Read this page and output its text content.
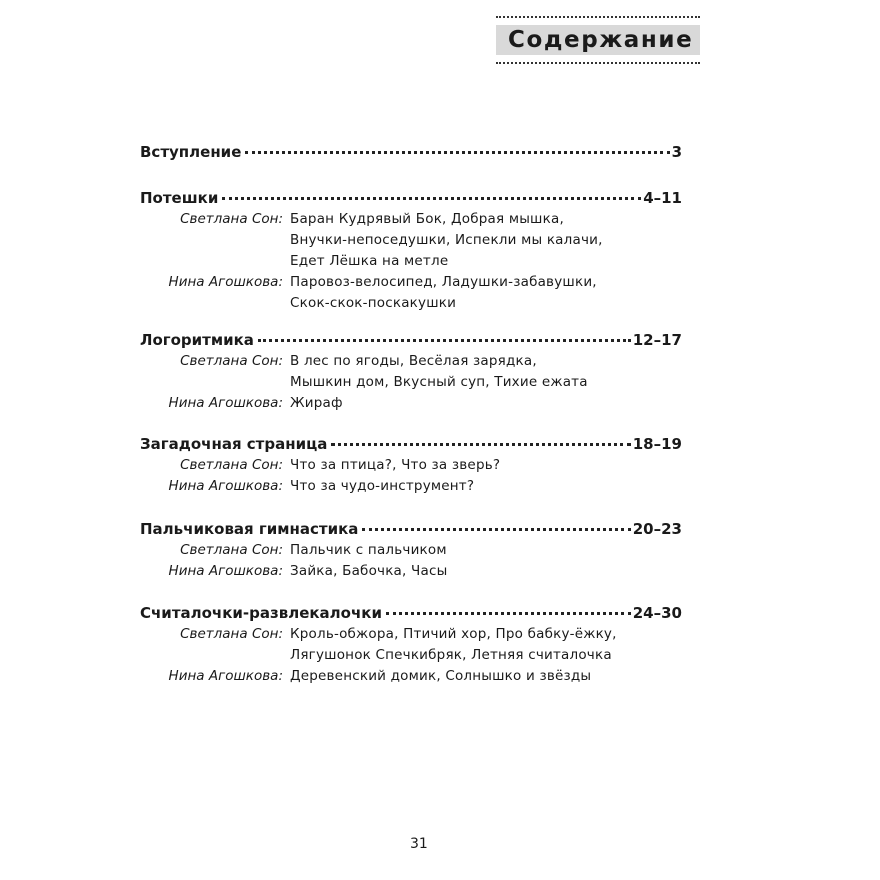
Содержание
Вступление	3
Потешки	4–11
Светлана Сон: Баран Кудрявый Бок, Добрая мышка,
Внучки-непоседушки, Испекли мы калачи,
Едет Лёшка на метле
Нина Агошкова: Паровоз-велосипед, Ладушки-забавушки,
Скок-скок-поскакушки
Логоритмика	12–17
Светлана Сон: В лес по ягоды, Весёлая зарядка,
Мышкин дом, Вкусный суп, Тихие ежата
Нина Агошкова: Жираф
Загадочная страница	18–19
Светлана Сон: Что за птица?, Что за зверь?
Нина Агошкова: Что за чудо-инструмент?
Пальчиковая гимнастика	20–23
Светлана Сон: Пальчик с пальчиком
Нина Агошкова: Зайка, Бабочка, Часы
Считалочки-развлекалочки	24–30
Светлана Сон: Кроль-обжора, Птичий хор, Про бабку-ёжку,
Лягушонок Спечкибряк, Летняя считалочка
Нина Агошкова: Деревенский домик, Солнышко и звёзды
31
